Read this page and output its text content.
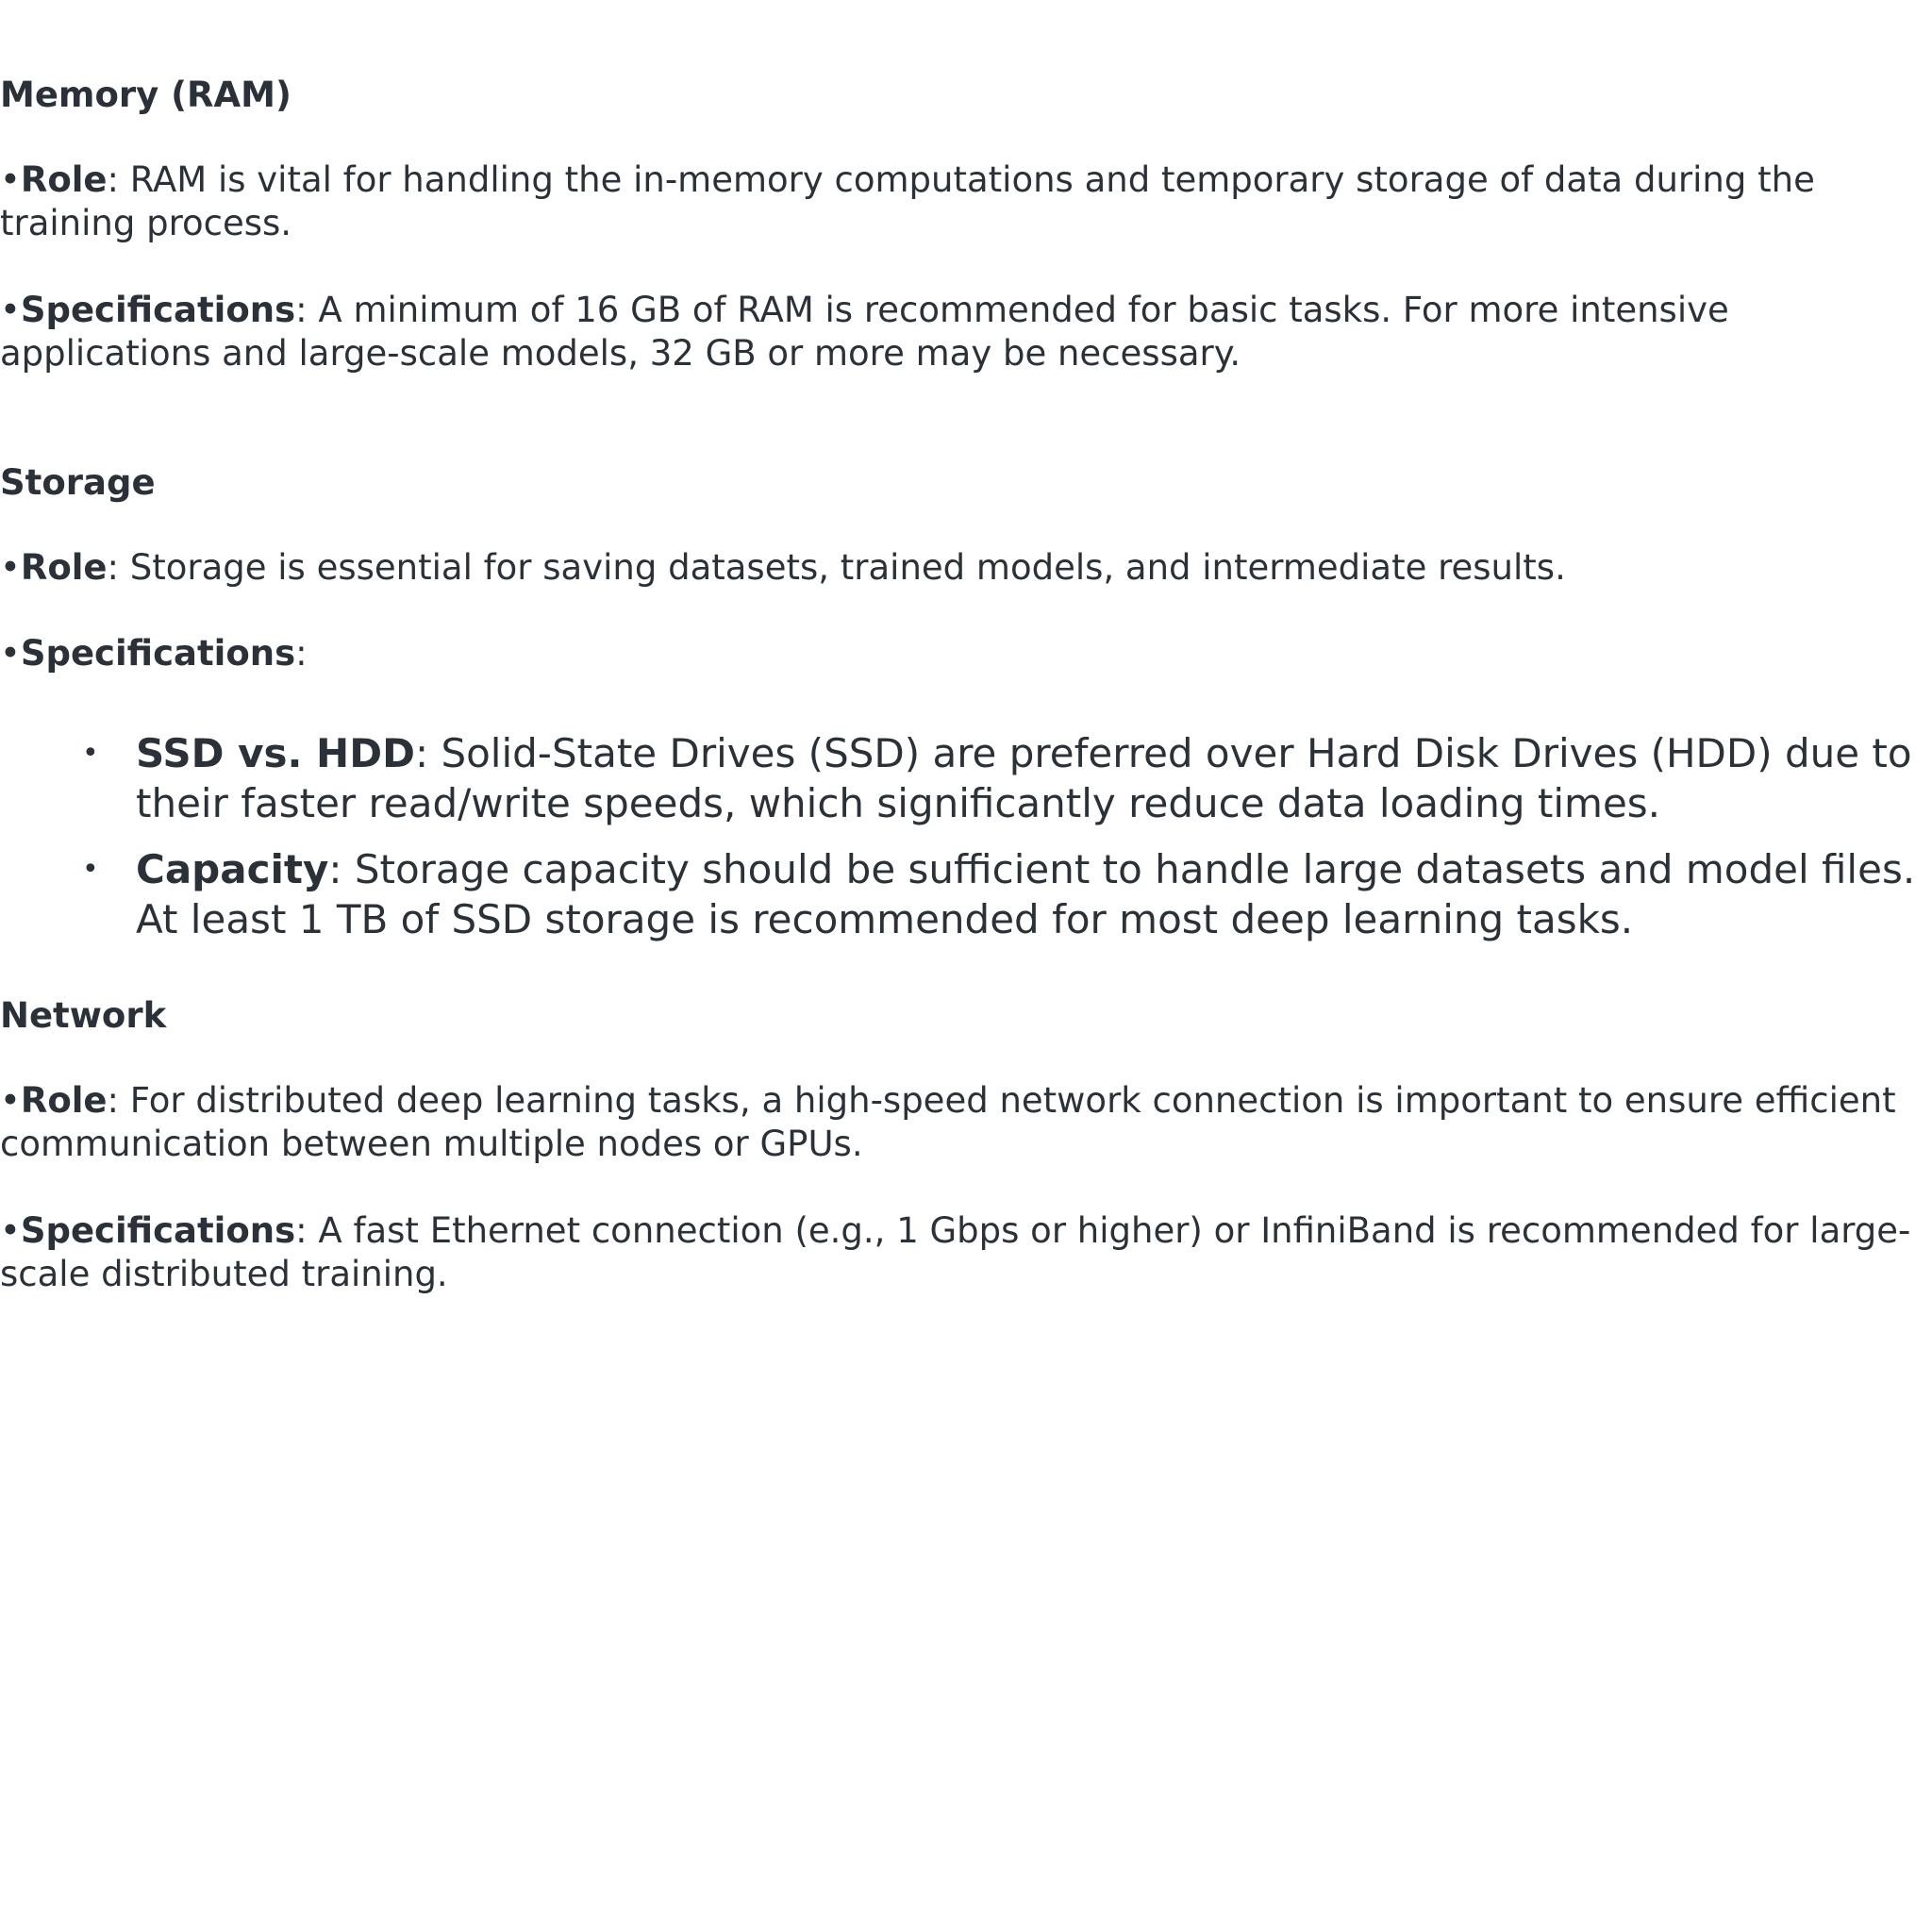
Memory (RAM)
•Role: RAM is vital for handling the in-memory computations and temporary storage of data during the training process.
•Specifications: A minimum of 16 GB of RAM is recommended for basic tasks. For more intensive applications and large-scale models, 32 GB or more may be necessary.
Storage
•Role: Storage is essential for saving datasets, trained models, and intermediate results.
•Specifications:
• SSD vs. HDD: Solid-State Drives (SSD) are preferred over Hard Disk Drives (HDD) due to their faster read/write speeds, which significantly reduce data loading times.
• Capacity: Storage capacity should be sufficient to handle large datasets and model files. At least 1 TB of SSD storage is recommended for most deep learning tasks.
Network
•Role: For distributed deep learning tasks, a high-speed network connection is important to ensure efficient communication between multiple nodes or GPUs.
•Specifications: A fast Ethernet connection (e.g., 1 Gbps or higher) or InfiniBand is recommended for large-scale distributed training.
